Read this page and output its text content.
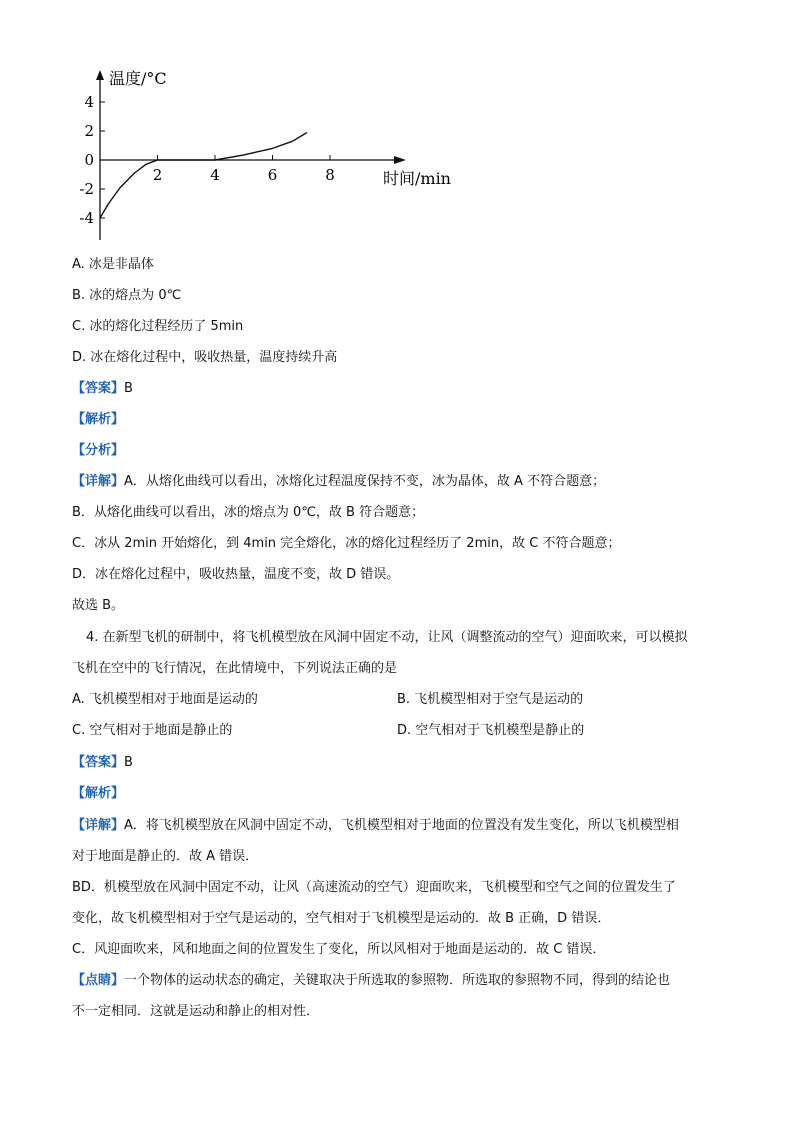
4
2
0
-2
-4
2	4	6	8
温度/°C
时间/min
A. 冰是非晶体
B. 冰的熔点为 0℃
C. 冰的熔化过程经历了 5min
D. 冰在熔化过程中，吸收热量，温度持续升高
【答案】B
【解析】
【分析】
【详解】A．从熔化曲线可以看出，冰熔化过程温度保持不变，冰为晶体，故 A 不符合题意；
B．从熔化曲线可以看出，冰的熔点为 0℃，故 B 符合题意；
C．冰从 2min 开始熔化，到 4min 完全熔化，冰的熔化过程经历了 2min，故 C 不符合题意；
D．冰在熔化过程中，吸收热量，温度不变，故 D 错误。
故选 B。
4. 在新型飞机的研制中，将飞机模型放在风洞中固定不动，让风（调整流动的空气）迎面吹来，可以模拟
飞机在空中的飞行情况，在此情境中，下列说法正确的是
A. 飞机模型相对于地面是运动的	B. 飞机模型相对于空气是运动的
C. 空气相对于地面是静止的	D. 空气相对于飞机模型是静止的
【答案】B
【解析】
【详解】A．将飞机模型放在风洞中固定不动，飞机模型相对于地面的位置没有发生变化，所以飞机模型相
对于地面是静止的．故 A 错误．
BD．机模型放在风洞中固定不动，让风（高速流动的空气）迎面吹来，飞机模型和空气之间的位置发生了
变化，故飞机模型相对于空气是运动的，空气相对于飞机模型是运动的．故 B 正确，D 错误．
C．风迎面吹来，风和地面之间的位置发生了变化，所以风相对于地面是运动的．故 C 错误．
【点睛】一个物体的运动状态的确定，关键取决于所选取的参照物．所选取的参照物不同，得到的结论也
不一定相同．这就是运动和静止的相对性．
